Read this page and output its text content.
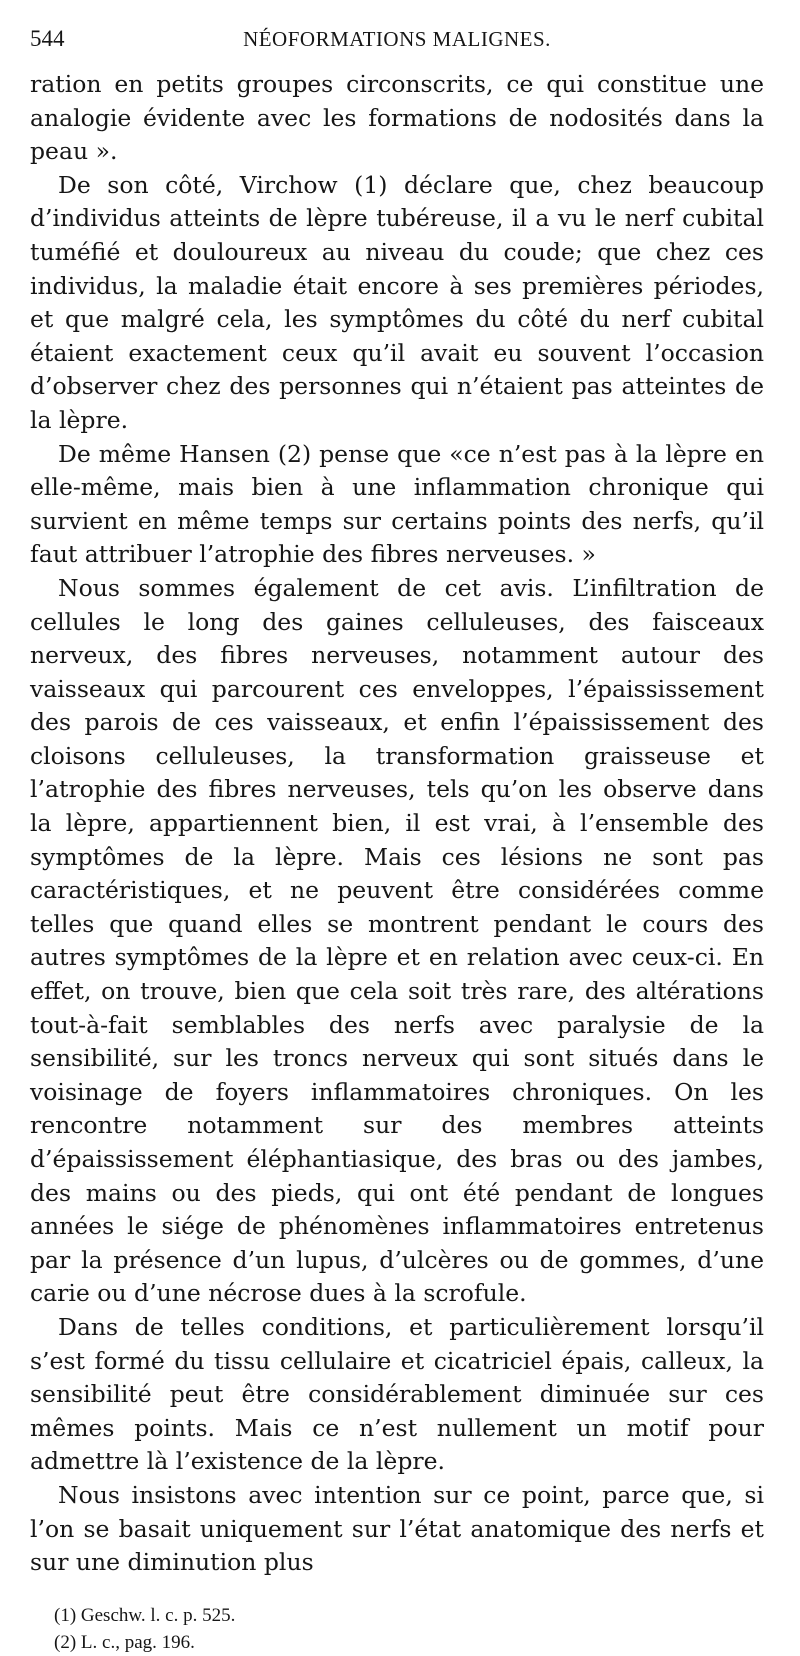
544	NÉOFORMATIONS MALIGNES.

ration en petits groupes circonscrits, ce qui constitue une analogie évidente avec les formations de nodosités dans la peau ».

De son côté, Virchow (1) déclare que, chez beaucoup d’individus atteints de lèpre tubéreuse, il a vu le nerf cubital tuméfié et douloureux au niveau du coude; que chez ces individus, la maladie était encore à ses premières périodes, et que malgré cela, les symptômes du côté du nerf cubital étaient exactement ceux qu’il avait eu souvent l’occasion d’observer chez des personnes qui n’étaient pas atteintes de la lèpre.

De même Hansen (2) pense que «ce n’est pas à la lèpre en elle-même, mais bien à une inflammation chronique qui survient en même temps sur certains points des nerfs, qu’il faut attribuer l’atrophie des fibres nerveuses. »

Nous sommes également de cet avis. L’infiltration de cellules le long des gaines celluleuses, des faisceaux nerveux, des fibres nerveuses, notamment autour des vaisseaux qui parcourent ces enveloppes, l’épaississement des parois de ces vaisseaux, et enfin l’épaississement des cloisons celluleuses, la transformation graisseuse et l’atrophie des fibres nerveuses, tels qu’on les observe dans la lèpre, appartiennent bien, il est vrai, à l’ensemble des symptômes de la lèpre. Mais ces lésions ne sont pas caractéristiques, et ne peuvent être considérées comme telles que quand elles se montrent pendant le cours des autres symptômes de la lèpre et en relation avec ceux-ci. En effet, on trouve, bien que cela soit très rare, des altérations tout-à-fait semblables des nerfs avec paralysie de la sensibilité, sur les troncs nerveux qui sont situés dans le voisinage de foyers inflammatoires chroniques. On les rencontre notamment sur des membres atteints d’épaississement éléphantiasique, des bras ou des jambes, des mains ou des pieds, qui ont été pendant de longues années le siége de phénomènes inflammatoires entretenus par la présence d’un lupus, d’ulcères ou de gommes, d’une carie ou d’une nécrose dues à la scrofule.

Dans de telles conditions, et particulièrement lorsqu’il s’est formé du tissu cellulaire et cicatriciel épais, calleux, la sensibilité peut être considérablement diminuée sur ces mêmes points. Mais ce n’est nullement un motif pour admettre là l’existence de la lèpre.

Nous insistons avec intention sur ce point, parce que, si l’on se basait uniquement sur l’état anatomique des nerfs et sur une diminution plus

(1) Geschw. l. c. p. 525.
(2) L. c., pag. 196.
